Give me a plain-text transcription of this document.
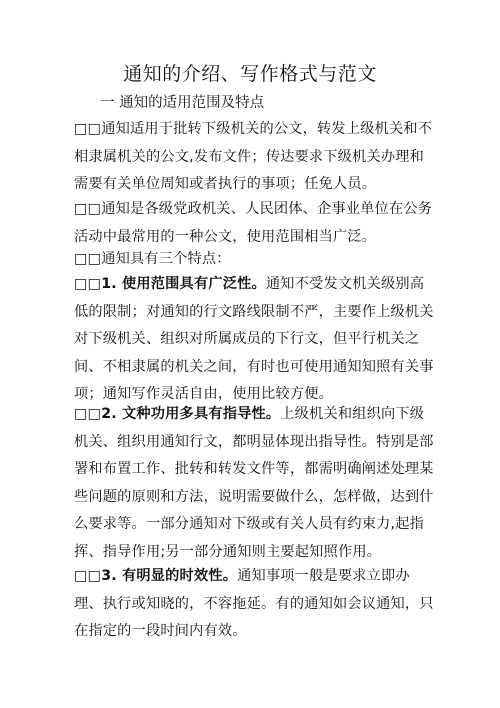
通知的介绍、写作格式与范文
一 通知的适用范围及特点
□□通知适用于批转下级机关的公文，转发上级机关和不相隶属机关的公文,发布文件；传达要求下级机关办理和需要有关单位周知或者执行的事项；任免人员。
□□通知是各级党政机关、人民团体、企事业单位在公务活动中最常用的一种公文，使用范围相当广泛。
□□通知具有三个特点：
□□1. 使用范围具有广泛性。通知不受发文机关级别高低的限制；对通知的行文路线限制不严，主要作上级机关对下级机关、组织对所属成员的下行文，但平行机关之间、不相隶属的机关之间，有时也可使用通知知照有关事项；通知写作灵活自由，使用比较方便。
□□2. 文种功用多具有指导性。上级机关和组织向下级机关、组织用通知行文，都明显体现出指导性。特别是部署和布置工作、批转和转发文件等，都需明确阐述处理某些问题的原则和方法，说明需要做什么，怎样做，达到什么要求等。一部分通知对下级或有关人员有约束力,起指挥、指导作用;另一部分通知则主要起知照作用。
□□3. 有明显的时效性。通知事项一般是要求立即办理、执行或知晓的，不容拖延。有的通知如会议通知，只在指定的一段时间内有效。
